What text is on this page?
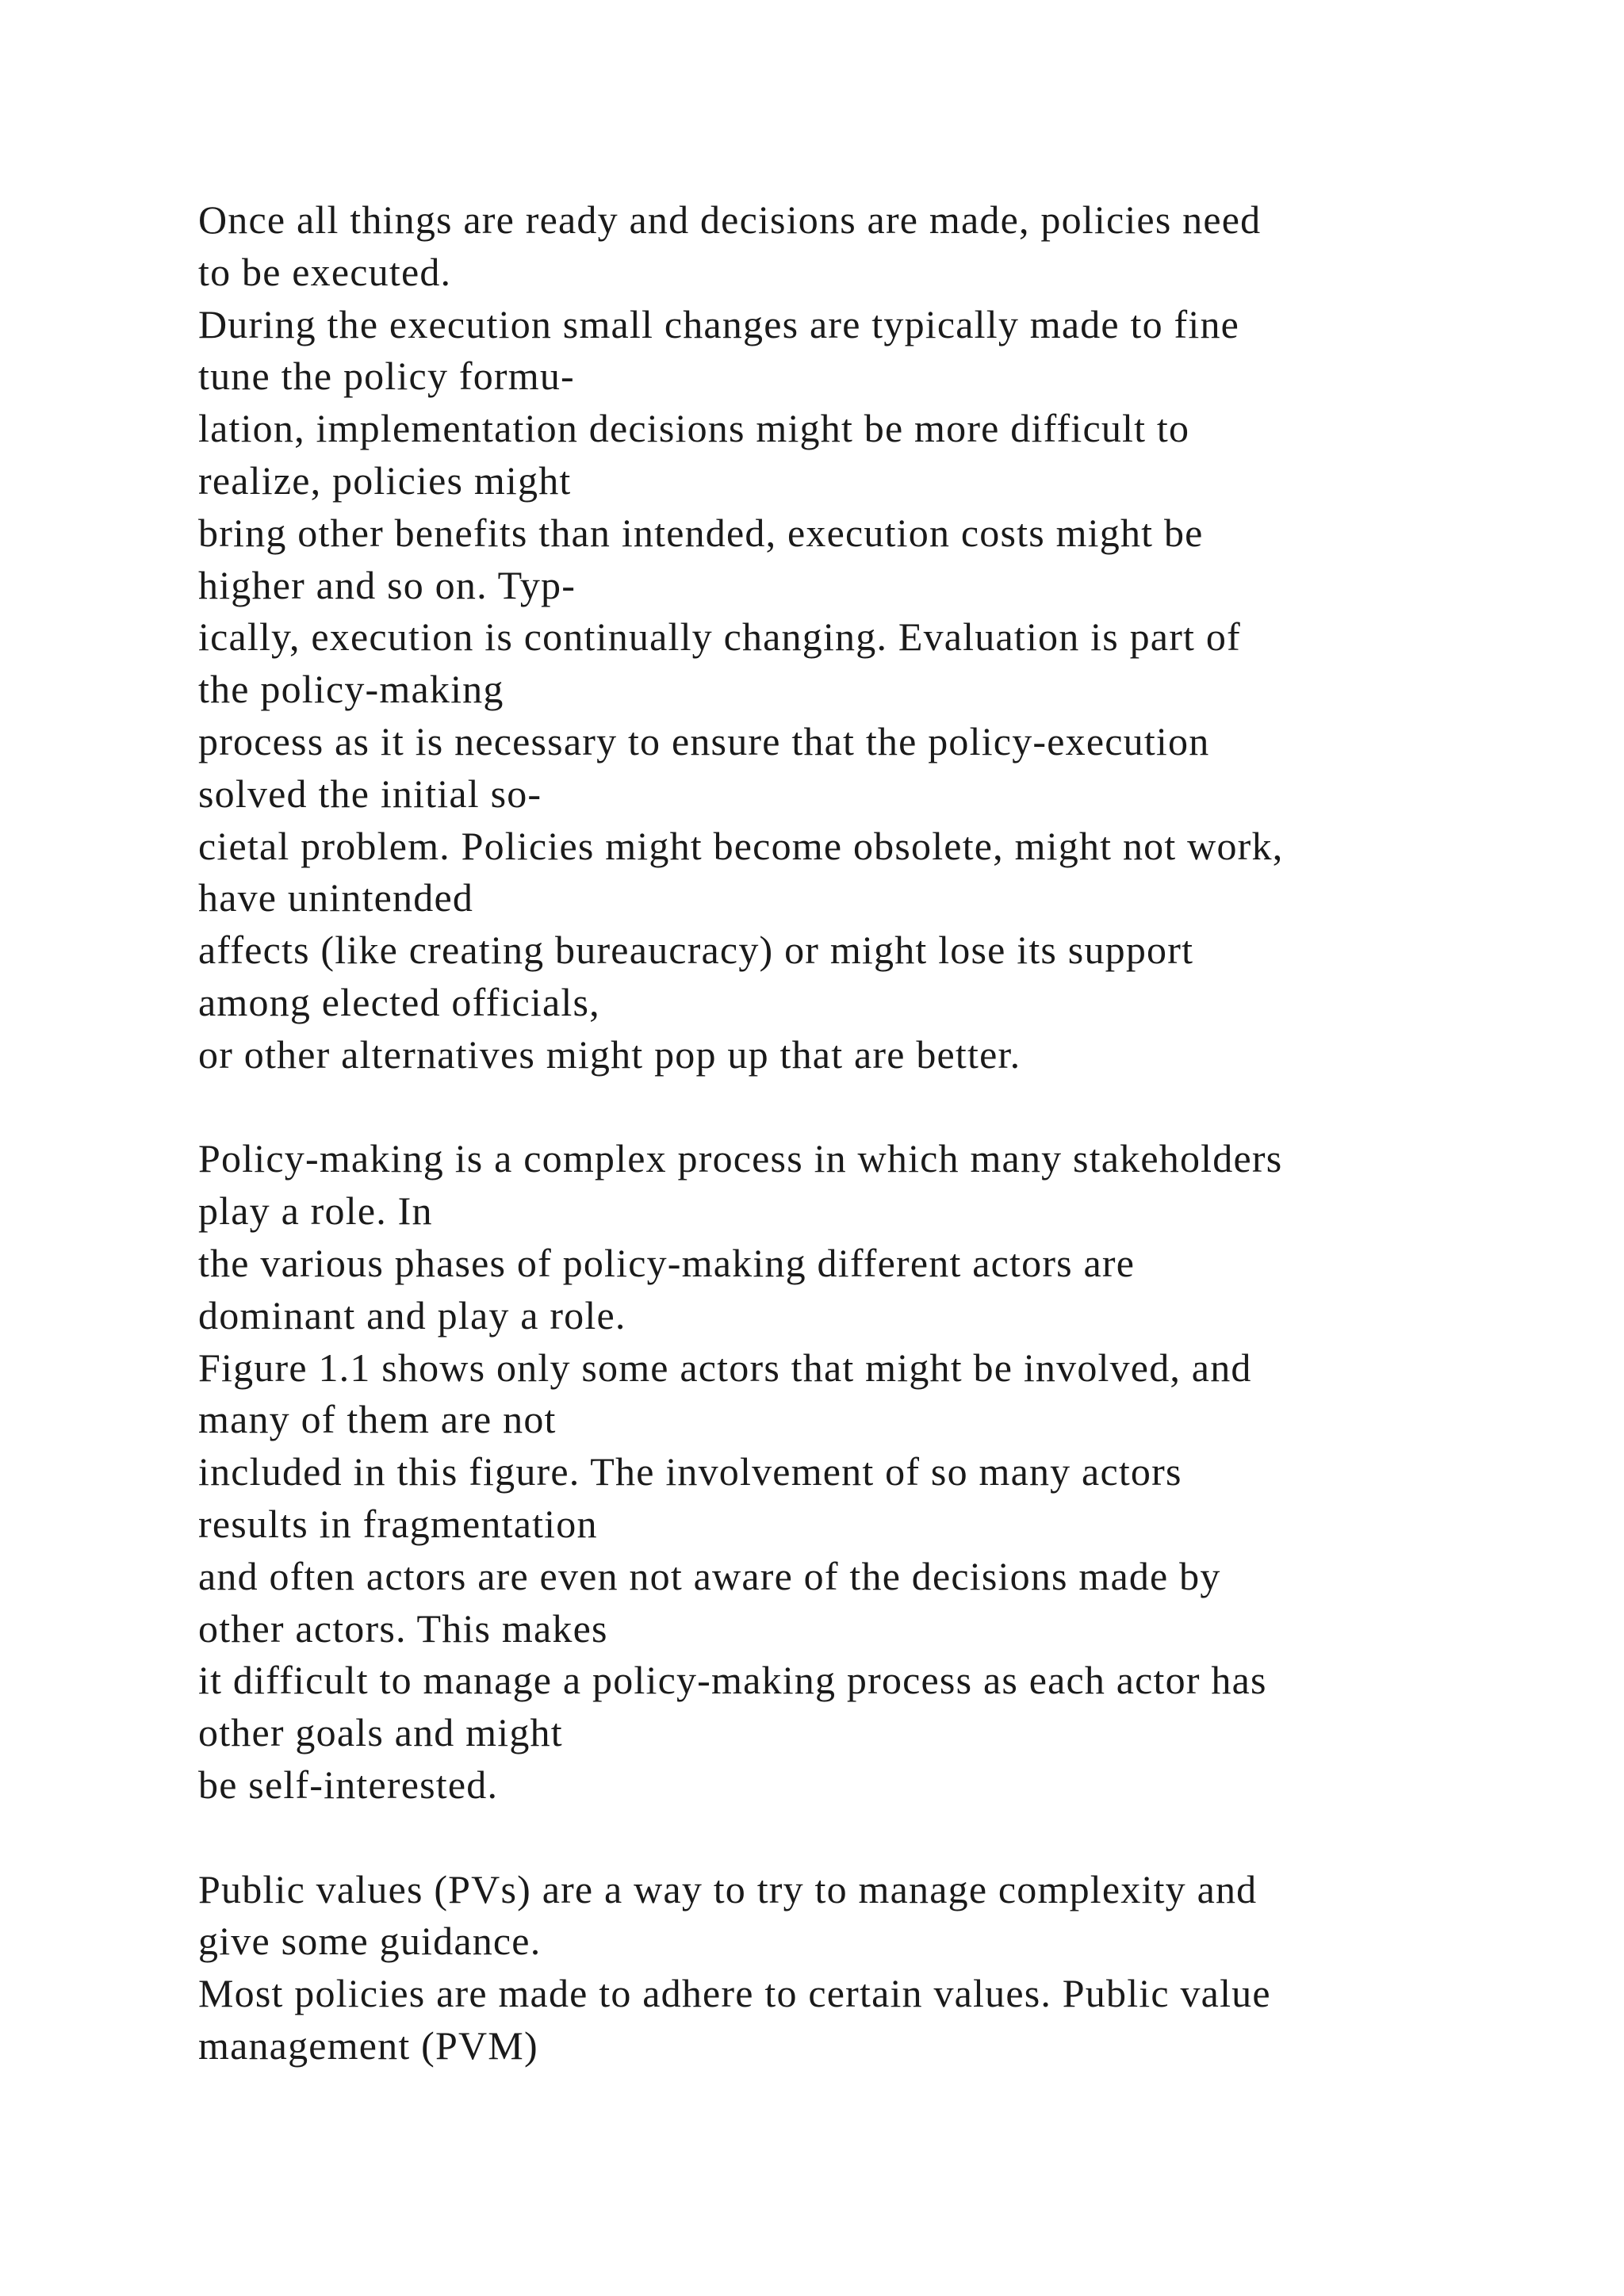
Once all things are ready and decisions are made, policies need
to be executed.
During the execution small changes are typically made to fine
tune the policy formu-
lation, implementation decisions might be more difficult to
realize, policies might
bring other benefits than intended, execution costs might be
higher and so on. Typ-
ically, execution is continually changing. Evaluation is part of
the policy-making
process as it is necessary to ensure that the policy-execution
solved the initial so-
cietal problem. Policies might become obsolete, might not work,
have unintended
affects (like creating bureaucracy) or might lose its support
among elected officials,
or other alternatives might pop up that are better.
Policy-making is a complex process in which many stakeholders
play a role. In
the various phases of policy-making different actors are
dominant and play a role.
Figure 1.1 shows only some actors that might be involved, and
many of them are not
included in this figure. The involvement of so many actors
results in fragmentation
and often actors are even not aware of the decisions made by
other actors. This makes
it difficult to manage a policy-making process as each actor has
other goals and might
be self-interested.
Public values (PVs) are a way to try to manage complexity and
give some guidance.
Most policies are made to adhere to certain values. Public value
management (PVM)
